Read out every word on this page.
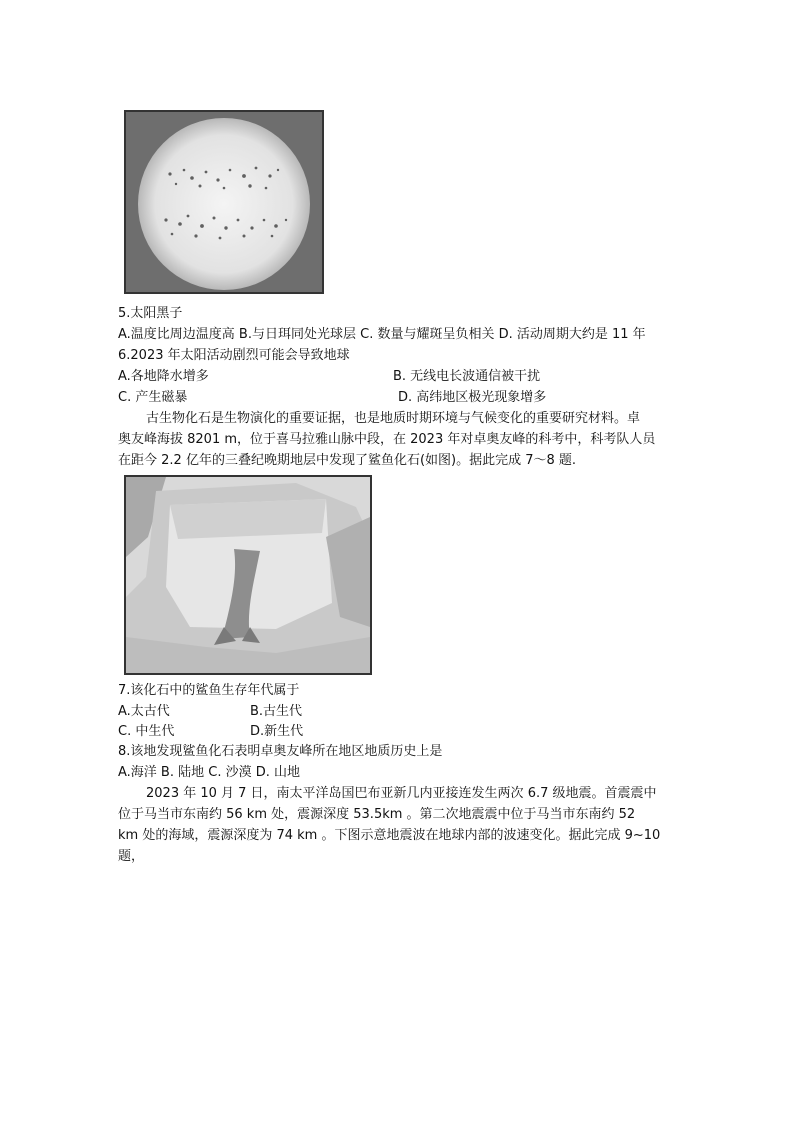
5.太阳黑子
A.温度比周边温度高 B.与日珥同处光球层 C. 数量与耀斑呈负相关 D. 活动周期大约是 11 年
6.2023 年太阳活动剧烈可能会导致地球
A.各地降水增多	B. 无线电长波通信被干扰
C. 产生磁暴	D. 高纬地区极光现象增多
古生物化石是生物演化的重要证据，也是地质时期环境与气候变化的重要研究材料。卓
奥友峰海拔 8201 m，位于喜马拉雅山脉中段，在 2023 年对卓奥友峰的科考中，科考队人员
在距今 2.2 亿年的三叠纪晚期地层中发现了鲨鱼化石(如图)。据此完成 7～8 题.
7.该化石中的鲨鱼生存年代属于
A.太古代	B.古生代
C. 中生代	D.新生代
8.该地发现鲨鱼化石表明卓奥友峰所在地区地质历史上是
A.海洋 B. 陆地 C. 沙漠 D. 山地
2023 年 10 月 7 日，南太平洋岛国巴布亚新几内亚接连发生两次 6.7 级地震。首震震中
位于马当市东南约 56 km 处，震源深度 53.5km 。第二次地震震中位于马当市东南约 52
km 处的海域，震源深度为 74 km 。下图示意地震波在地球内部的波速变化。据此完成 9~10
题，
